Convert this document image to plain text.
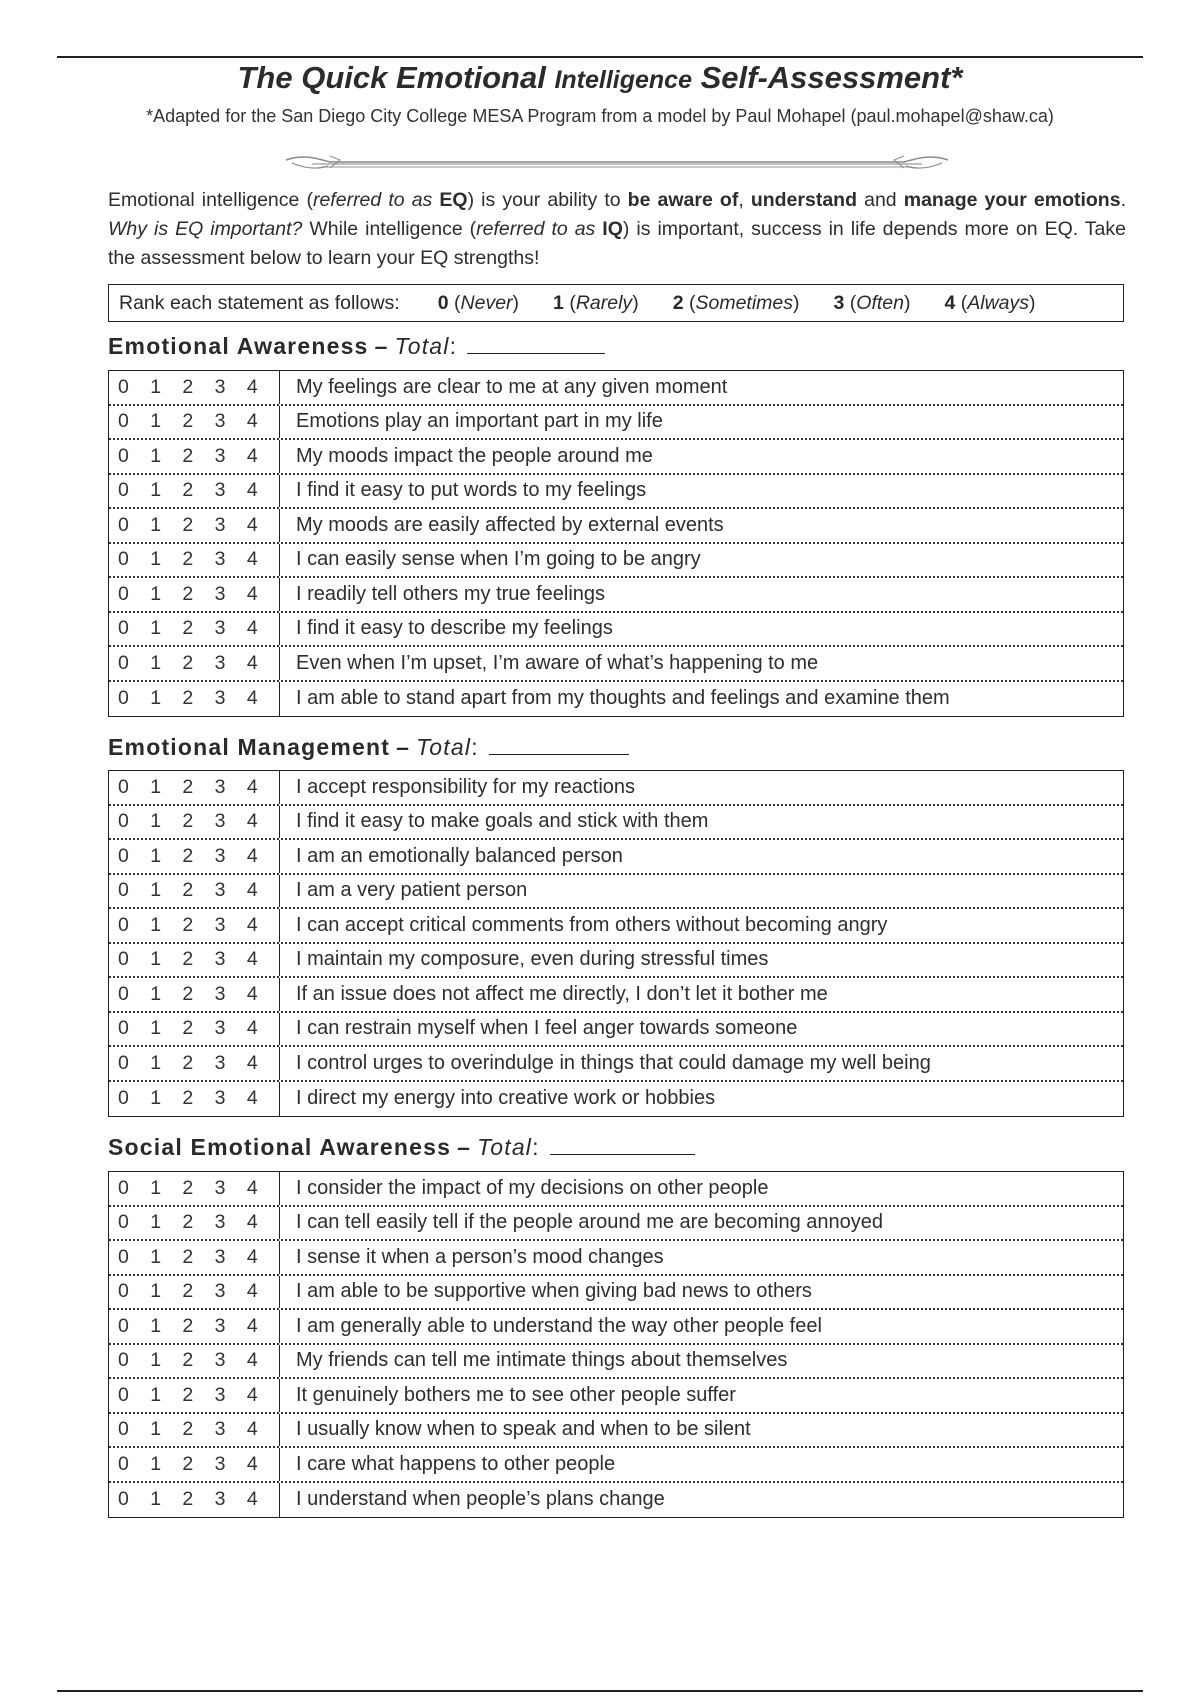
The Quick Emotional Intelligence Self-Assessment*
*Adapted for the San Diego City College MESA Program from a model by Paul Mohapel (paul.mohapel@shaw.ca)
Emotional intelligence (referred to as EQ) is your ability to be aware of, understand and manage your emotions. Why is EQ important? While intelligence (referred to as IQ) is important, success in life depends more on EQ. Take the assessment below to learn your EQ strengths!
Rank each statement as follows: 0 (Never) 1 (Rarely) 2 (Sometimes) 3 (Often) 4 (Always)
Emotional Awareness – Total:
0	1	2	3	4	My feelings are clear to me at any given moment
0	1	2	3	4	Emotions play an important part in my life
0	1	2	3	4	My moods impact the people around me
0	1	2	3	4	I find it easy to put words to my feelings
0	1	2	3	4	My moods are easily affected by external events
0	1	2	3	4	I can easily sense when I’m going to be angry
0	1	2	3	4	I readily tell others my true feelings
0	1	2	3	4	I find it easy to describe my feelings
0	1	2	3	4	Even when I’m upset, I’m aware of what’s happening to me
0	1	2	3	4	I am able to stand apart from my thoughts and feelings and examine them
Emotional Management – Total:
0	1	2	3	4	I accept responsibility for my reactions
0	1	2	3	4	I find it easy to make goals and stick with them
0	1	2	3	4	I am an emotionally balanced person
0	1	2	3	4	I am a very patient person
0	1	2	3	4	I can accept critical comments from others without becoming angry
0	1	2	3	4	I maintain my composure, even during stressful times
0	1	2	3	4	If an issue does not affect me directly, I don’t let it bother me
0	1	2	3	4	I can restrain myself when I feel anger towards someone
0	1	2	3	4	I control urges to overindulge in things that could damage my well being
0	1	2	3	4	I direct my energy into creative work or hobbies
Social Emotional Awareness – Total:
0	1	2	3	4	I consider the impact of my decisions on other people
0	1	2	3	4	I can tell easily tell if the people around me are becoming annoyed
0	1	2	3	4	I sense it when a person’s mood changes
0	1	2	3	4	I am able to be supportive when giving bad news to others
0	1	2	3	4	I am generally able to understand the way other people feel
0	1	2	3	4	My friends can tell me intimate things about themselves
0	1	2	3	4	It genuinely bothers me to see other people suffer
0	1	2	3	4	I usually know when to speak and when to be silent
0	1	2	3	4	I care what happens to other people
0	1	2	3	4	I understand when people’s plans change
